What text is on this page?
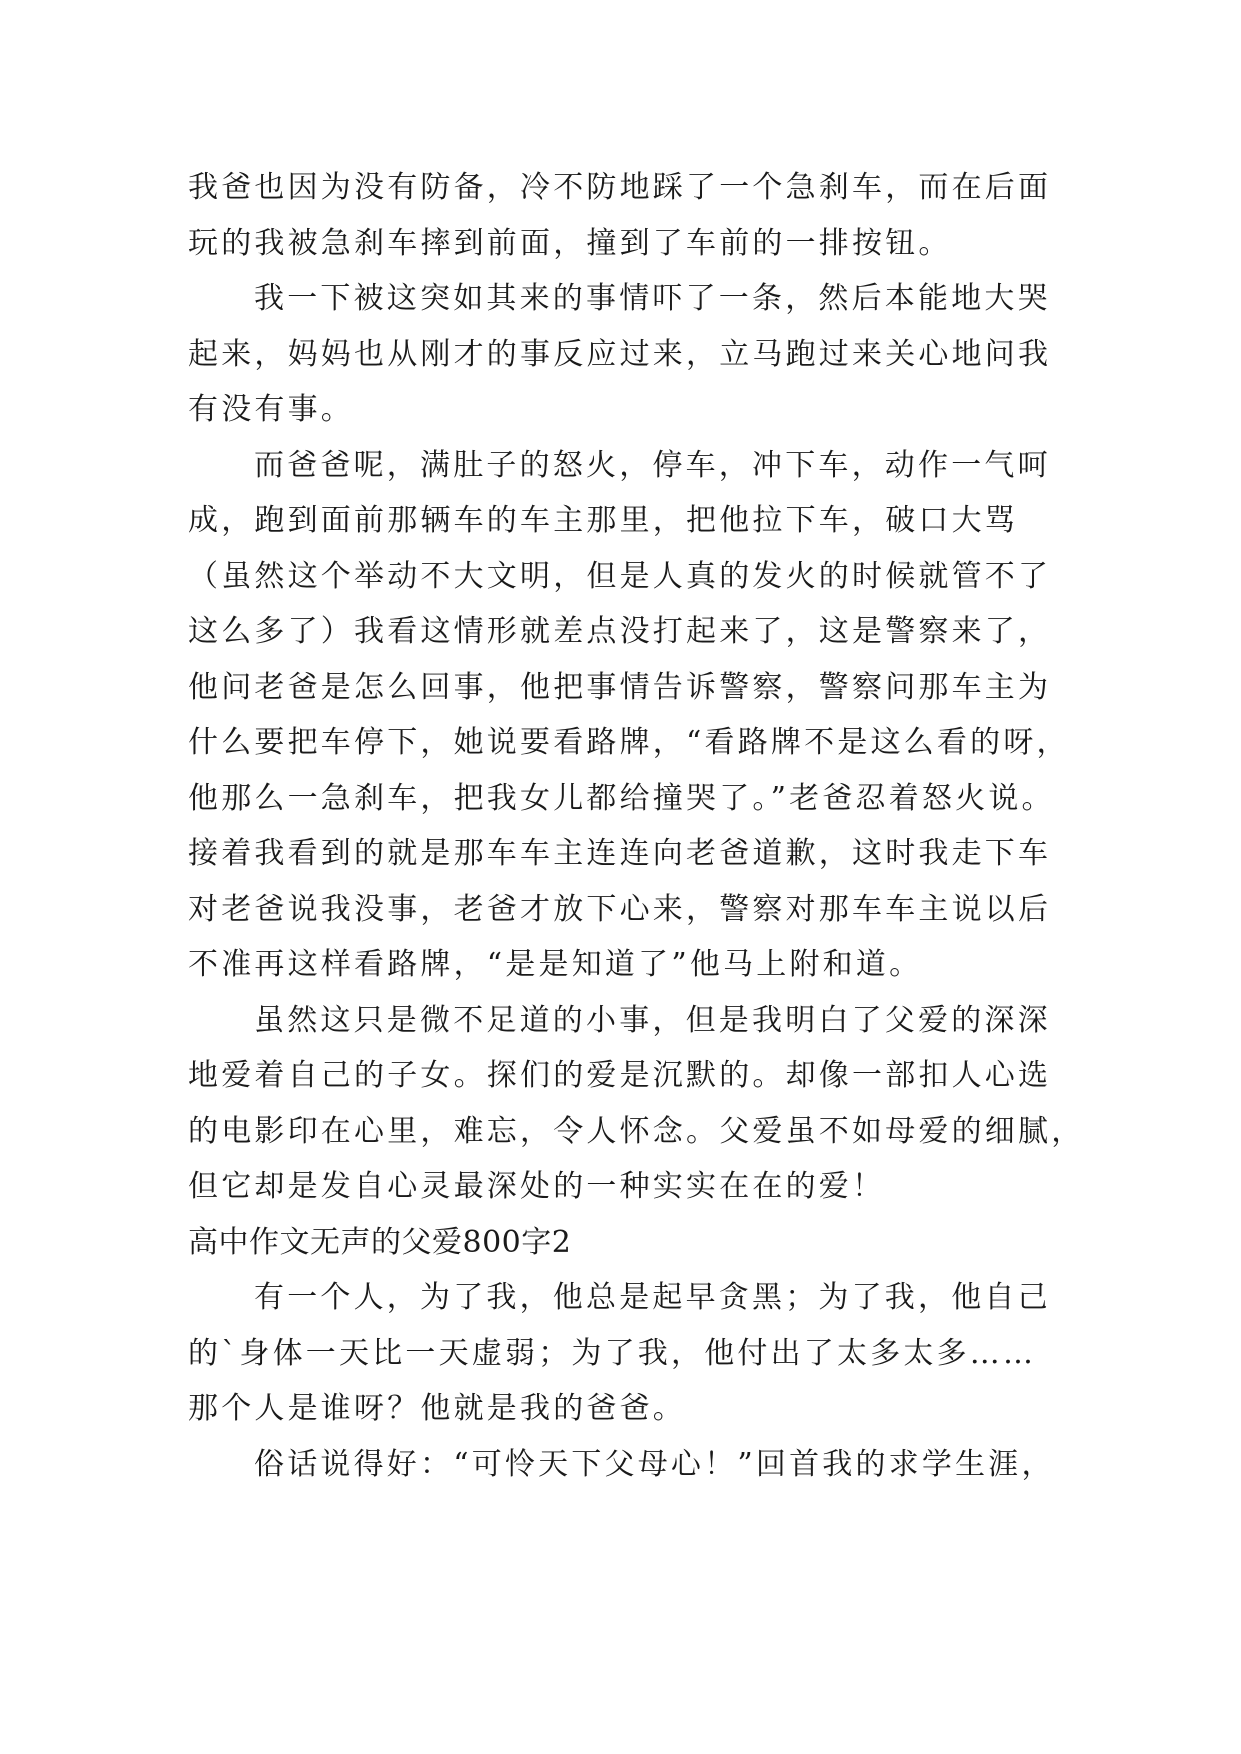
我爸也因为没有防备，冷不防地踩了一个急刹车，而在后面
玩的我被急刹车摔到前面，撞到了车前的一排按钮。

我一下被这突如其来的事情吓了一条，然后本能地大哭
起来，妈妈也从刚才的事反应过来，立马跑过来关心地问我
有没有事。

而爸爸呢，满肚子的怒火，停车，冲下车，动作一气呵
成，跑到面前那辆车的车主那里，把他拉下车，破口大骂
（虽然这个举动不大文明，但是人真的发火的时候就管不了
这么多了）我看这情形就差点没打起来了，这是警察来了，
他问老爸是怎么回事，他把事情告诉警察，警察问那车主为
什么要把车停下，她说要看路牌，“看路牌不是这么看的呀，
他那么一急刹车，把我女儿都给撞哭了。”老爸忍着怒火说。
接着我看到的就是那车车主连连向老爸道歉，这时我走下车
对老爸说我没事，老爸才放下心来，警察对那车车主说以后
不准再这样看路牌，“是是知道了”他马上附和道。

虽然这只是微不足道的小事，但是我明白了父爱的深深
地爱着自己的子女。探们的爱是沉默的。却像一部扣人心选
的电影印在心里，难忘，令人怀念。父爱虽不如母爱的细腻，
但它却是发自心灵最深处的一种实实在在的爱！

高中作文无声的父爱800字2

有一个人，为了我，他总是起早贪黑；为了我，他自己
的`身体一天比一天虚弱；为了我，他付出了太多太多……
那个人是谁呀？他就是我的爸爸。

俗话说得好：“可怜天下父母心！”回首我的求学生涯，
